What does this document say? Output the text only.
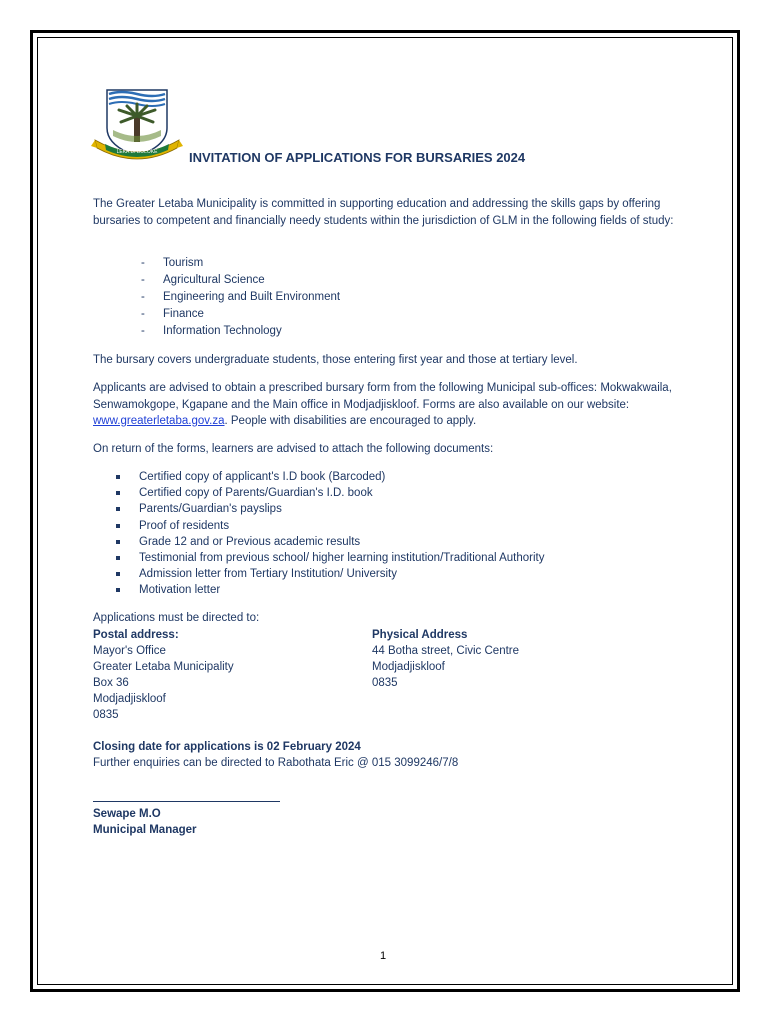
LEKA DI BOLOKE INVITATION OF APPLICATIONS FOR BURSARIES 2024

The Greater Letaba Municipality is committed in supporting education and addressing the skills gaps by offering bursaries to competent and financially needy students within the jurisdiction of GLM in the following fields of study:

- Tourism
- Agricultural Science
- Engineering and Built Environment
- Finance
- Information Technology

The bursary covers undergraduate students, those entering first year and those at tertiary level.

Applicants are advised to obtain a prescribed bursary form from the following Municipal sub-offices: Mokwakwaila, Senwamokgope, Kgapane and the Main office in Modjadjiskloof. Forms are also available on our website: www.greaterletaba.gov.za. People with disabilities are encouraged to apply.

On return of the forms, learners are advised to attach the following documents:

Certified copy of applicant's I.D book (Barcoded)
Certified copy of Parents/Guardian's I.D. book
Parents/Guardian's payslips
Proof of residents
Grade 12 and or Previous academic results
Testimonial from previous school/ higher learning institution/Traditional Authority
Admission letter from Tertiary Institution/ University
Motivation letter

Applications must be directed to:

Postal address:
Mayor's Office
Greater Letaba Municipality
Box 36
Modjadjiskloof
0835
Physical Address
44 Botha street, Civic Centre
Modjadjiskloof
0835
Closing date for applications is 02 February 2024
Further enquiries can be directed to Rabothata Eric @ 015 3099246/7/8
Sewape M.O
Municipal Manager
1
